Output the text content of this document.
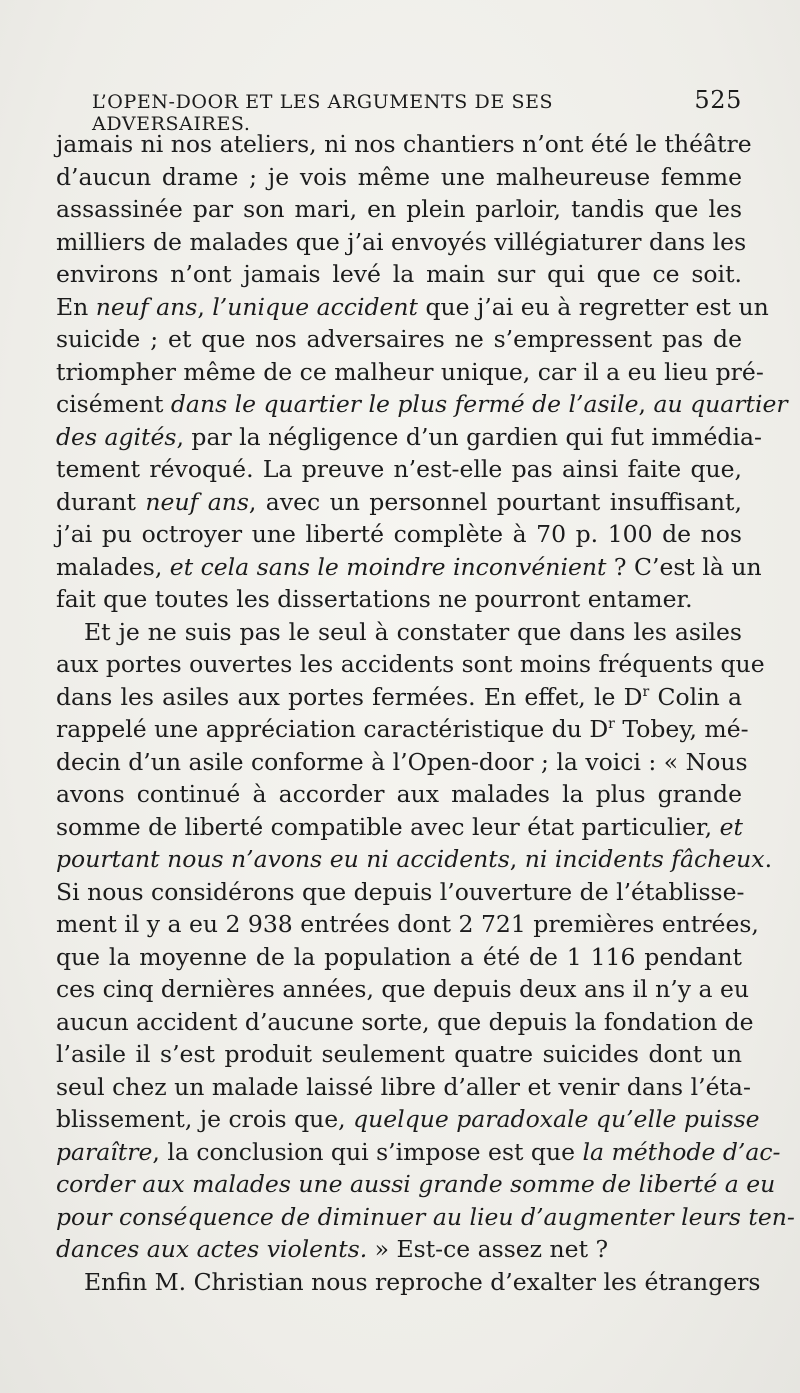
L’OPEN-DOOR ET LES ARGUMENTS DE SES ADVERSAIRES.
525
jamais ni nos ateliers, ni nos chantiers n’ont été le théâtre
d’aucun drame ; je vois même une malheureuse femme
assassinée par son mari, en plein parloir, tandis que les
milliers de malades que j’ai envoyés villégiaturer dans les
environs n’ont jamais levé la main sur qui que ce soit.
En neuf ans, l’unique accident que j’ai eu à regretter est un
suicide ; et que nos adversaires ne s’empressent pas de
triompher même de ce malheur unique, car il a eu lieu pré-
cisément dans le quartier le plus fermé de l’asile, au quartier
des agités, par la négligence d’un gardien qui fut immédia-
tement révoqué. La preuve n’est-elle pas ainsi faite que,
durant neuf ans, avec un personnel pourtant insuffisant,
j’ai pu octroyer une liberté complète à 70 p. 100 de nos
malades, et cela sans le moindre inconvénient ? C’est là un
fait que toutes les dissertations ne pourront entamer.
Et je ne suis pas le seul à constater que dans les asiles
aux portes ouvertes les accidents sont moins fréquents que
dans les asiles aux portes fermées. En effet, le $D^r$ Colin a
rappelé une appréciation caractéristique du $D^r$ Tobey, mé-
decin d’un asile conforme à l’Open-door ; la voici : « Nous
avons continué à accorder aux malades la plus grande
somme de liberté compatible avec leur état particulier, et
pourtant nous n’avons eu ni accidents, ni incidents fâcheux.
Si nous considérons que depuis l’ouverture de l’établisse-
ment il y a eu 2 938 entrées dont 2 721 premières entrées,
que la moyenne de la population a été de 1 116 pendant
ces cinq dernières années, que depuis deux ans il n’y a eu
aucun accident d’aucune sorte, que depuis la fondation de
l’asile il s’est produit seulement quatre suicides dont un
seul chez un malade laissé libre d’aller et venir dans l’éta-
blissement, je crois que, quelque paradoxale qu’elle puisse
paraître, la conclusion qui s’impose est que la méthode d’ac-
corder aux malades une aussi grande somme de liberté a eu
pour conséquence de diminuer au lieu d’augmenter leurs ten-
dances aux actes violents. » Est-ce assez net ?
Enfin M. Christian nous reproche d’exalter les étrangers
